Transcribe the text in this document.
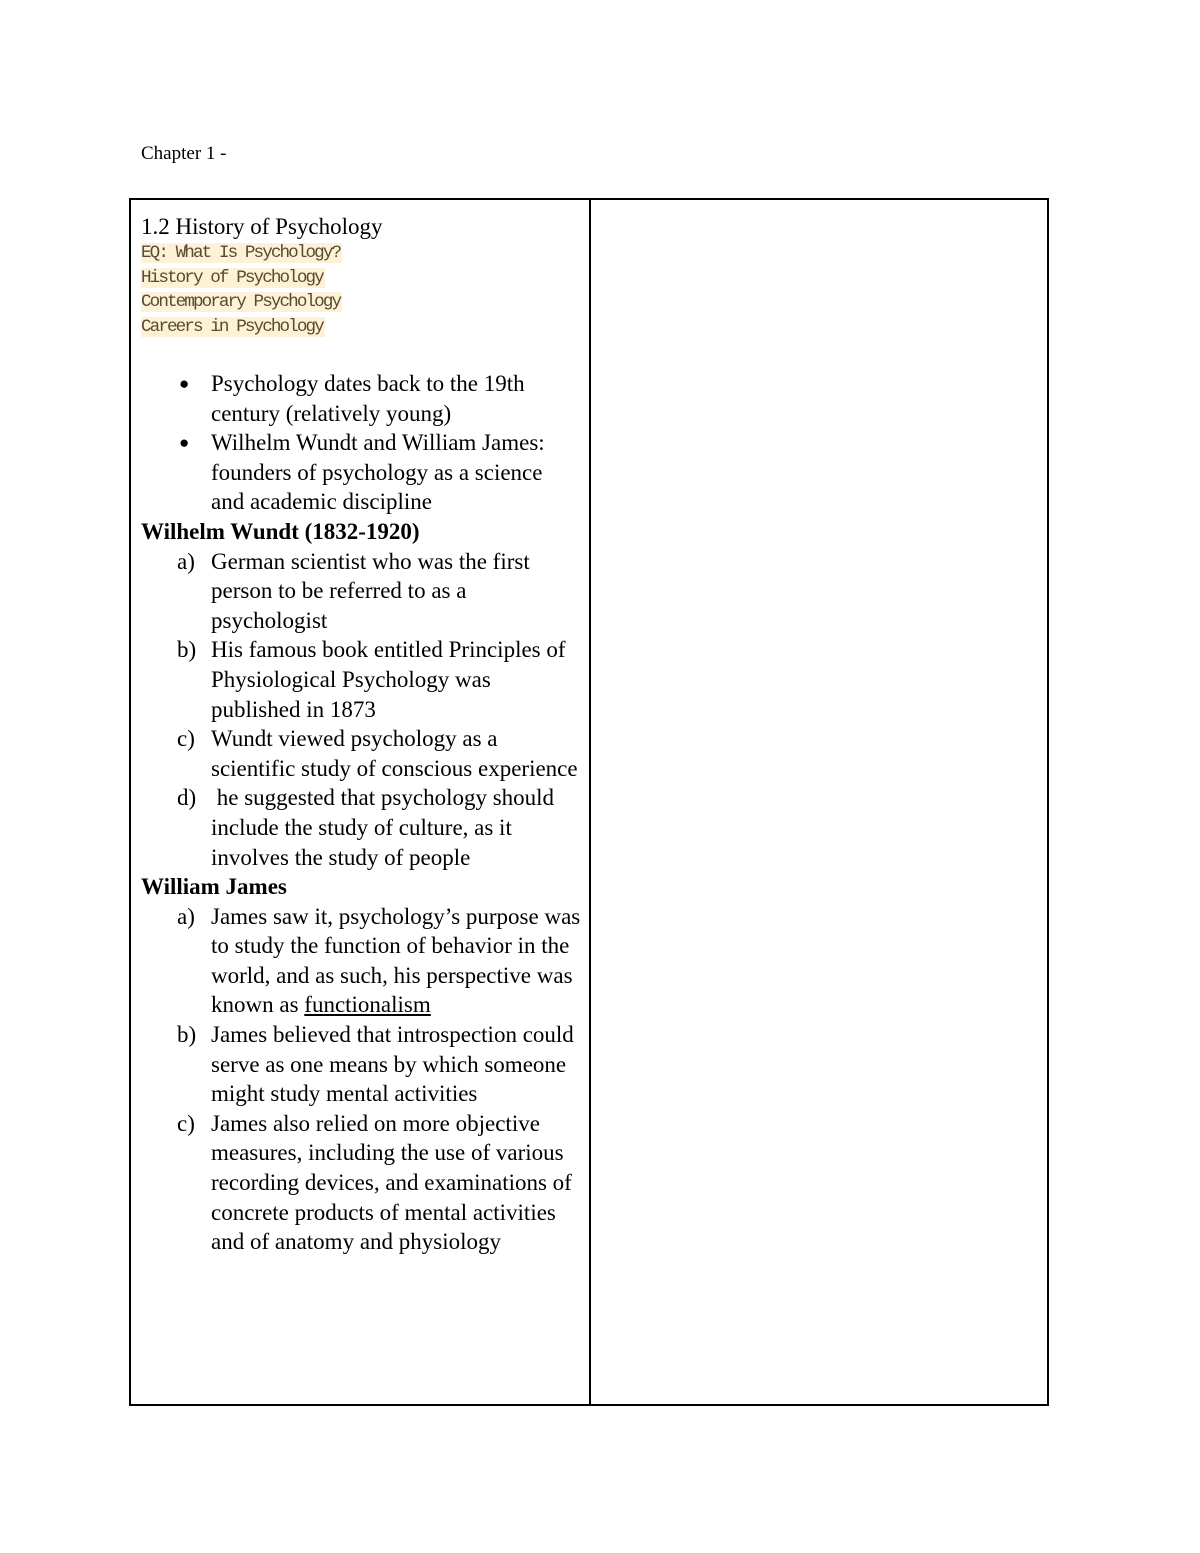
Chapter 1 -
1.2 History of Psychology
EQ: What Is Psychology?
History of Psychology
Contemporary Psychology
Careers in Psychology
● Psychology dates back to the 19th century (relatively young)
● Wilhelm Wundt and William James: founders of psychology as a science and academic discipline
Wilhelm Wundt (1832-1920)
a) German scientist who was the first person to be referred to as a psychologist
b) His famous book entitled Principles of Physiological Psychology was published in 1873
c) Wundt viewed psychology as a scientific study of conscious experience
d) he suggested that psychology should include the study of culture, as it involves the study of people
William James
a) James saw it, psychology’s purpose was to study the function of behavior in the world, and as such, his perspective was known as functionalism
b) James believed that introspection could serve as one means by which someone might study mental activities
c) James also relied on more objective measures, including the use of various recording devices, and examinations of concrete products of mental activities and of anatomy and physiology
